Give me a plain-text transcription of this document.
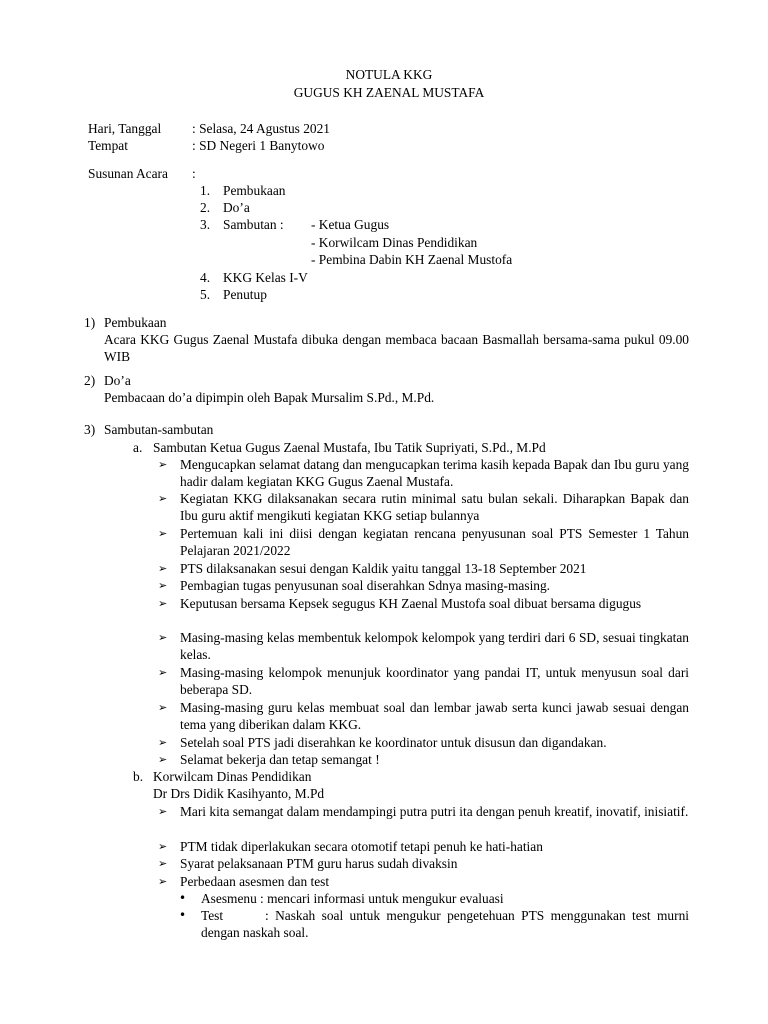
NOTULA KKG
GUGUS KH ZAENAL MUSTAFA
Hari, Tanggal : Selasa, 24 Agustus 2021
Tempat	: SD Negeri 1 Banytowo
Susunan Acara :
1. Pembukaan
2. Do’a
3. Sambutan : - Ketua Gugus
- Korwilcam Dinas Pendidikan
- Pembina Dabin KH Zaenal Mustofa
4. KKG Kelas I-V
5. Penutup
1) Pembukaan
Acara KKG Gugus Zaenal Mustafa dibuka dengan membaca bacaan Basmallah bersama-sama pukul 09.00 WIB
2) Do’a
Pembacaan do’a dipimpin oleh Bapak Mursalim S.Pd., M.Pd.
3) Sambutan-sambutan
a. Sambutan Ketua Gugus Zaenal Mustafa, Ibu Tatik Supriyati, S.Pd., M.Pd
➢ Mengucapkan selamat datang dan mengucapkan terima kasih kepada Bapak dan Ibu guru yang hadir dalam kegiatan KKG Gugus Zaenal Mustafa.
➢ Kegiatan KKG dilaksanakan secara rutin minimal satu bulan sekali. Diharapkan Bapak dan Ibu guru aktif mengikuti kegiatan KKG setiap bulannya
➢ Pertemuan kali ini diisi dengan kegiatan rencana penyusunan soal PTS Semester 1 Tahun Pelajaran 2021/2022
➢ PTS dilaksanakan sesui dengan Kaldik yaitu tanggal 13-18 September 2021
➢ Pembagian tugas penyusunan soal diserahkan Sdnya masing-masing.
➢ Keputusan bersama Kepsek segugus KH Zaenal Mustofa soal dibuat bersama digugus
➢ Masing-masing kelas membentuk kelompok kelompok yang terdiri dari 6 SD, sesuai tingkatan kelas.
➢ Masing-masing kelompok menunjuk koordinator yang pandai IT, untuk menyusun soal dari beberapa SD.
➢ Masing-masing guru kelas membuat soal dan lembar jawab serta kunci jawab sesuai dengan tema yang diberikan dalam KKG.
➢ Setelah soal PTS jadi diserahkan ke koordinator untuk disusun dan digandakan.
➢ Selamat bekerja dan tetap semangat !
b. Korwilcam Dinas Pendidikan
Dr Drs Didik Kasihyanto, M.Pd
➢ Mari kita semangat dalam mendampingi putra putri ita dengan penuh kreatif, inovatif, inisiatif.
➢ PTM tidak diperlakukan secara otomotif tetapi penuh ke hati-hatian
➢ Syarat pelaksanaan PTM guru harus sudah divaksin
➢ Perbedaan asesmen dan test
• Asesmenu : mencari informasi untuk mengukur evaluasi
• Test	: Naskah soal untuk mengukur pengetehuan PTS menggunakan test murni dengan naskah soal.
